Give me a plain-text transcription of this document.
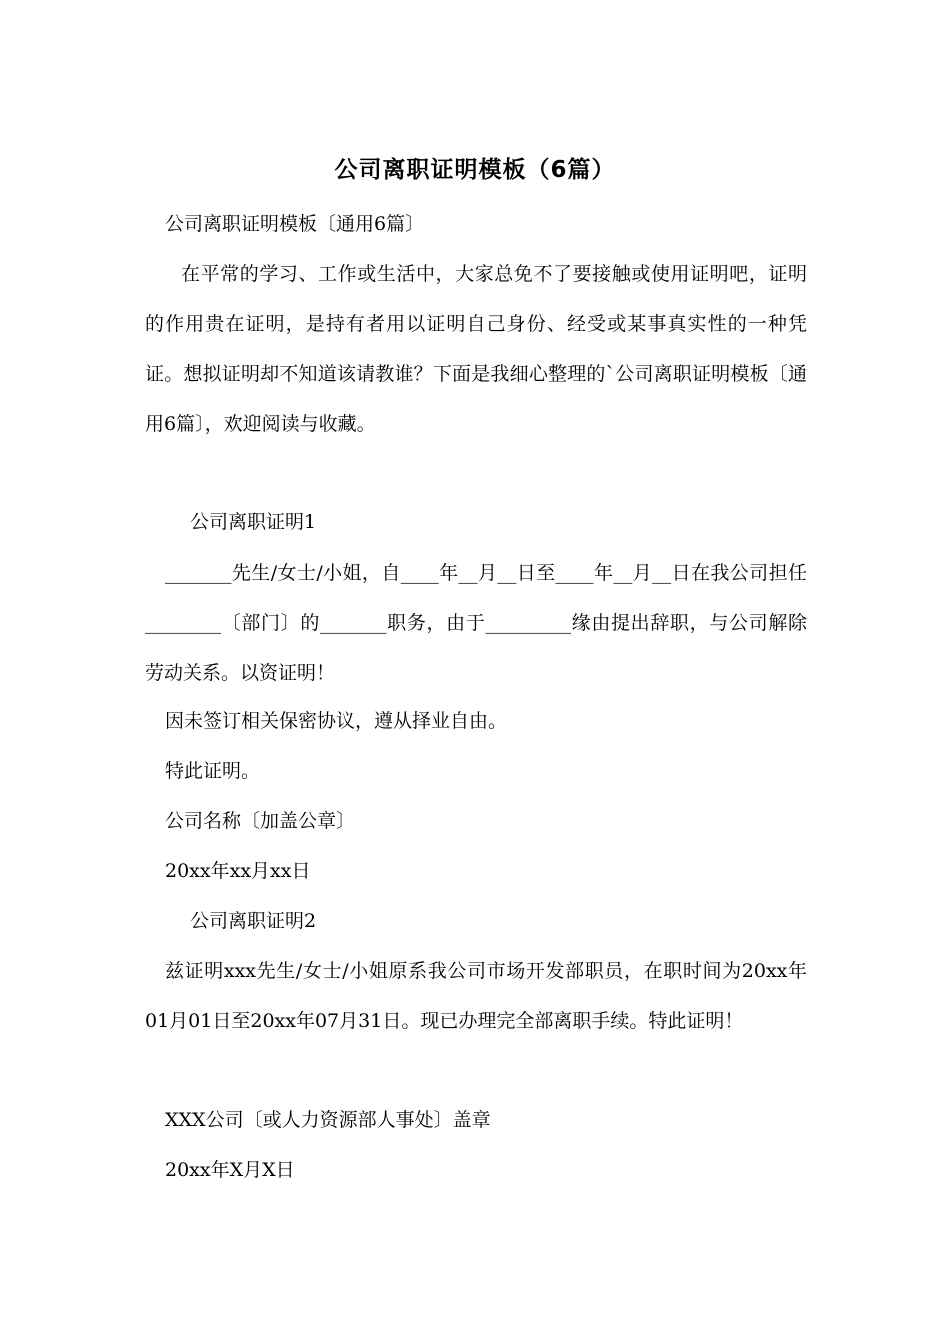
公司离职证明模板（6篇）
公司离职证明模板〔通用6篇〕
在平常的学习、工作或生活中，大家总免不了要接触或使用证明吧，证明的作用贵在证明，是持有者用以证明自己身份、经受或某事真实性的一种凭证。想拟证明却不知道该请教谁？下面是我细心整理的`公司离职证明模板〔通用6篇〕，欢迎阅读与收藏。
公司离职证明1
_______先生/女士/小姐，自____年__月__日至____年__月__日在我公司担任________〔部门〕的_______职务，由于_________缘由提出辞职，与公司解除劳动关系。以资证明！
因未签订相关保密协议，遵从择业自由。
特此证明。
公司名称〔加盖公章〕
20xx年xx月xx日
公司离职证明2
兹证明xxx先生/女士/小姐原系我公司市场开发部职员，在职时间为20xx年01月01日至20xx年07月31日。现已办理完全部离职手续。特此证明！
XXX公司〔或人力资源部人事处〕盖章
20xx年X月X日
